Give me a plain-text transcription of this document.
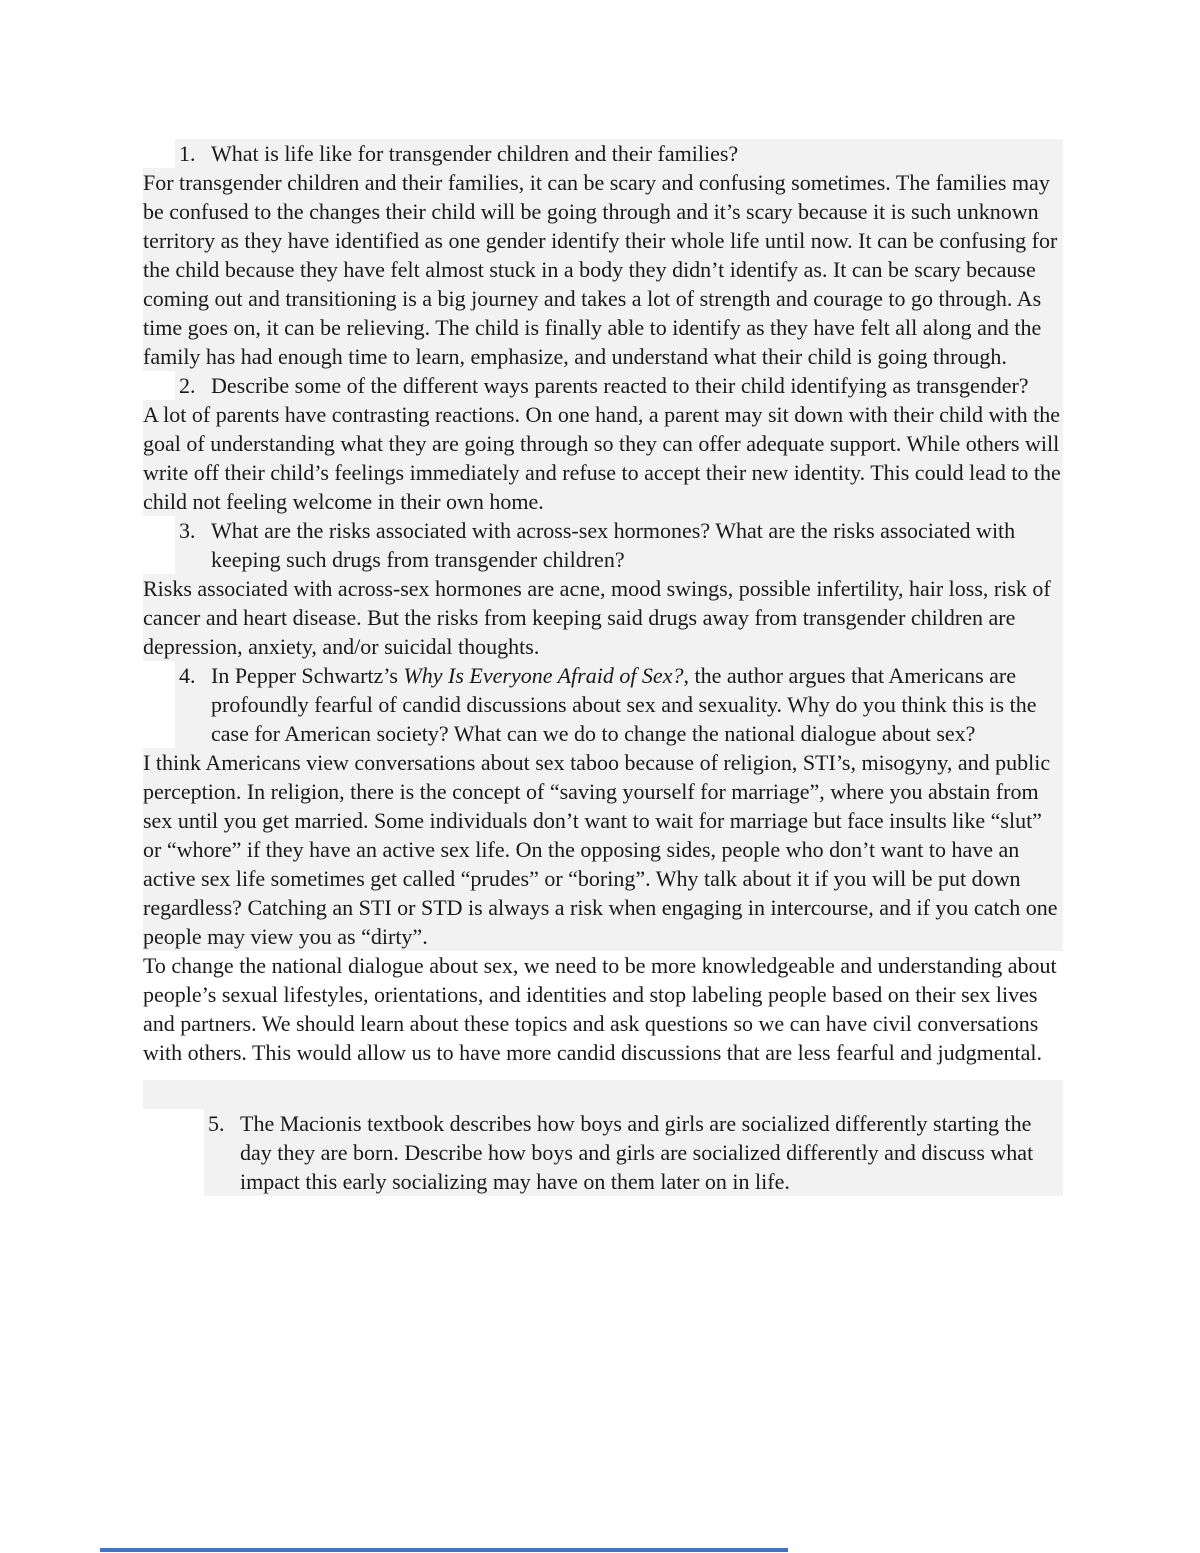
1. What is life like for transgender children and their families?
For transgender children and their families, it can be scary and confusing sometimes. The families may be confused to the changes their child will be going through and it’s scary because it is such unknown territory as they have identified as one gender identify their whole life until now. It can be confusing for the child because they have felt almost stuck in a body they didn’t identify as. It can be scary because coming out and transitioning is a big journey and takes a lot of strength and courage to go through. As time goes on, it can be relieving. The child is finally able to identify as they have felt all along and the family has had enough time to learn, emphasize, and understand what their child is going through.
2. Describe some of the different ways parents reacted to their child identifying as transgender?
A lot of parents have contrasting reactions. On one hand, a parent may sit down with their child with the goal of understanding what they are going through so they can offer adequate support. While others will write off their child’s feelings immediately and refuse to accept their new identity. This could lead to the child not feeling welcome in their own home.
3. What are the risks associated with across-sex hormones? What are the risks associated with keeping such drugs from transgender children?
Risks associated with across-sex hormones are acne, mood swings, possible infertility, hair loss, risk of cancer and heart disease. But the risks from keeping said drugs away from transgender children are depression, anxiety, and/or suicidal thoughts.
4. In Pepper Schwartz’s Why Is Everyone Afraid of Sex?, the author argues that Americans are profoundly fearful of candid discussions about sex and sexuality. Why do you think this is the case for American society? What can we do to change the national dialogue about sex?
I think Americans view conversations about sex taboo because of religion, STI’s, misogyny, and public perception. In religion, there is the concept of “saving yourself for marriage”, where you abstain from sex until you get married. Some individuals don’t want to wait for marriage but face insults like “slut” or “whore” if they have an active sex life. On the opposing sides, people who don’t want to have an active sex life sometimes get called “prudes” or “boring”. Why talk about it if you will be put down regardless? Catching an STI or STD is always a risk when engaging in intercourse, and if you catch one people may view you as “dirty”.
To change the national dialogue about sex, we need to be more knowledgeable and understanding about people’s sexual lifestyles, orientations, and identities and stop labeling people based on their sex lives and partners. We should learn about these topics and ask questions so we can have civil conversations with others. This would allow us to have more candid discussions that are less fearful and judgmental.
5. The Macionis textbook describes how boys and girls are socialized differently starting the day they are born. Describe how boys and girls are socialized differently and discuss what impact this early socializing may have on them later on in life.
